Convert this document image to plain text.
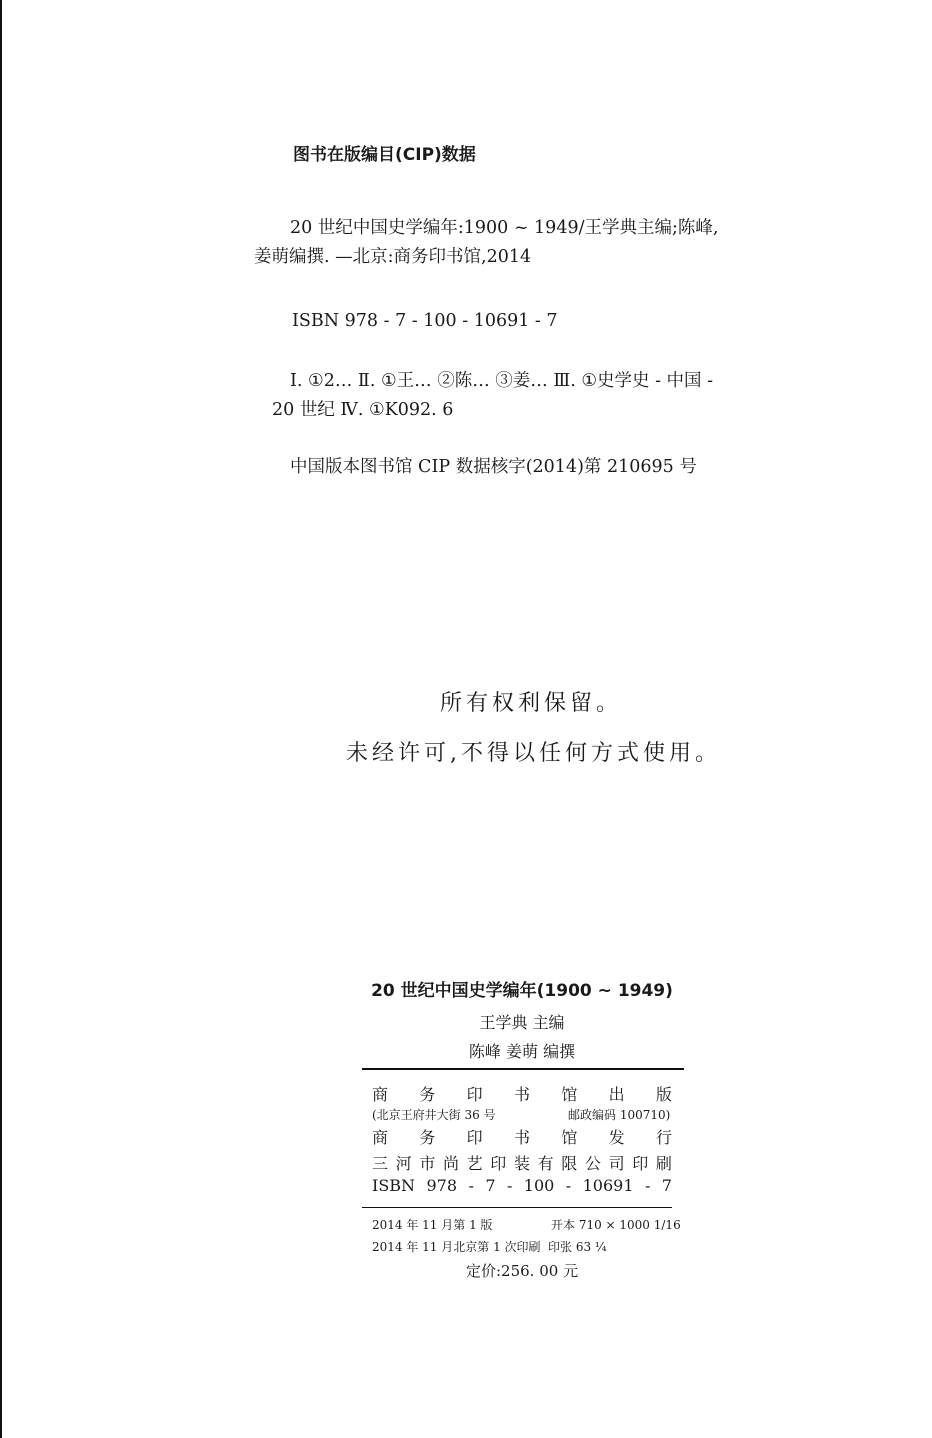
图书在版编目(CIP)数据
20 世纪中国史学编年:1900 ~ 1949/王学典主编;陈峰,
姜萌编撰. —北京:商务印书馆,2014
ISBN 978 - 7 - 100 - 10691 - 7
Ⅰ. ①2… Ⅱ. ①王… ②陈… ③姜… Ⅲ. ①史学史 - 中国 -
20 世纪 Ⅳ. ①K092. 6
中国版本图书馆 CIP 数据核字(2014)第 210695 号
所有权利保留。
未经许可,不得以任何方式使用。
20 世纪中国史学编年(1900 ~ 1949)
王学典 主编
陈峰 姜萌 编撰
商 务 印 书 馆 出 版
(北京王府井大街 36 号	邮政编码 100710)
商 务 印 书 馆 发 行
三 河 市 尚 艺 印 装 有 限 公 司 印 刷
ISBN 978 - 7 - 100 - 10691 - 7
2014 年 11 月第 1 版	开本 710 × 1000 1/16
2014 年 11 月北京第 1 次印刷 印张 63 ¼
定价:256. 00 元
